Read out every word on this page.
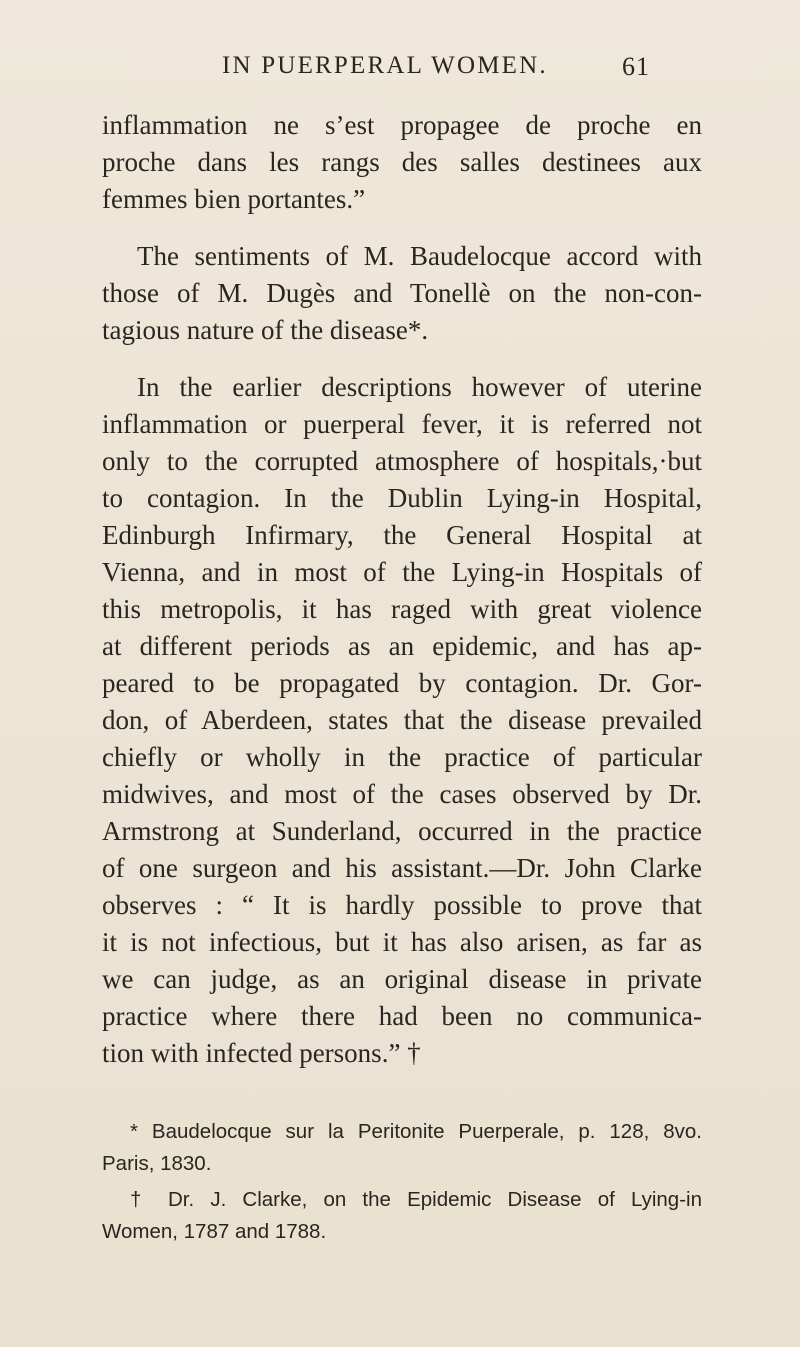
IN PUERPERAL WOMEN.	61
inflammation ne s’est propagee de proche en
proche dans les rangs des salles destinees aux
femmes bien portantes.”
The sentiments of M. Baudelocque accord with
those of M. Dugès and Tonellè on the non-con-
tagious nature of the disease*.
In the earlier descriptions however of uterine
inflammation or puerperal fever, it is referred not
only to the corrupted atmosphere of hospitals,·but
to contagion. In the Dublin Lying-in Hospital,
Edinburgh Infirmary, the General Hospital at
Vienna, and in most of the Lying-in Hospitals of
this metropolis, it has raged with great violence
at different periods as an epidemic, and has ap-
peared to be propagated by contagion. Dr. Gor-
don, of Aberdeen, states that the disease prevailed
chiefly or wholly in the practice of particular
midwives, and most of the cases observed by Dr.
Armstrong at Sunderland, occurred in the practice
of one surgeon and his assistant.—Dr. John Clarke
observes : “ It is hardly possible to prove that
it is not infectious, but it has also arisen, as far as
we can judge, as an original disease in private
practice where there had been no communica-
tion with infected persons.” †
* Baudelocque sur la Peritonite Puerperale, p. 128, 8vo.
Paris, 1830.
† Dr. J. Clarke, on the Epidemic Disease of Lying-in
Women, 1787 and 1788.
